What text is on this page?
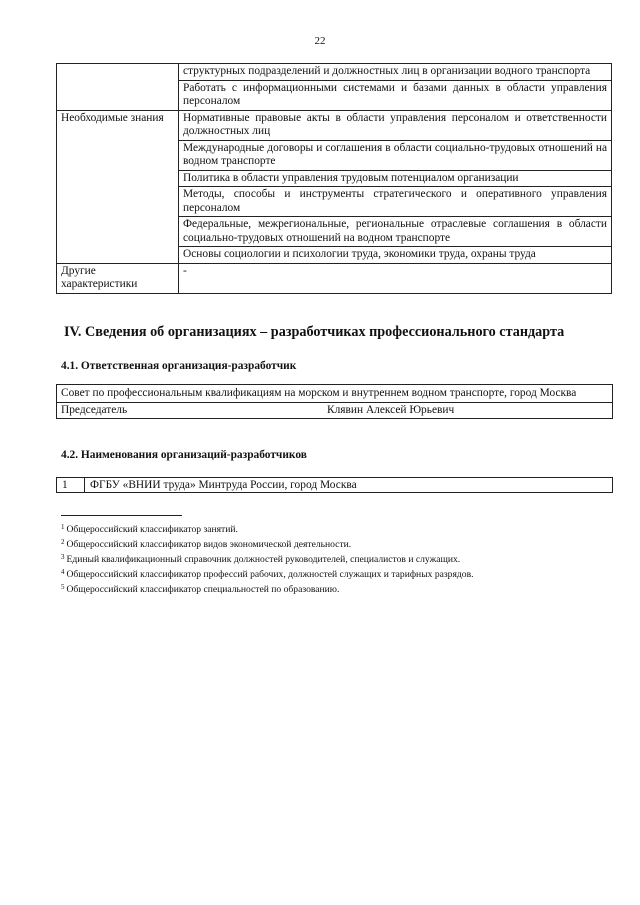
22
	структурных подразделений и должностных лиц в организации водного транспорта
	Работать с информационными системами и базами данных в области управления персоналом
Необходимые знания	Нормативные правовые акты в области управления персоналом и ответственности должностных лиц
	Международные договоры и соглашения в области социально-трудовых отношений на водном транспорте
	Политика в области управления трудовым потенциалом организации
	Методы, способы и инструменты стратегического и оперативного управления персоналом
	Федеральные, межрегиональные, региональные отраслевые соглашения в области социально-трудовых отношений на водном транспорте
	Основы социологии и психологии труда, экономики труда, охраны труда
Другие характеристики	-
IV. Сведения об организациях – разработчиках профессионального стандарта
4.1. Ответственная организация-разработчик
Совет по профессиональным квалификациям на морском и внутреннем водном транспорте, город Москва
Председатель	Клявин Алексей Юрьевич
4.2. Наименования организаций-разработчиков
1 ФГБУ «ВНИИ труда» Минтруда России, город Москва
$^1$ Общероссийский классификатор занятий.
$^2$ Общероссийский классификатор видов экономической деятельности.
$^3$ Единый квалификационный справочник должностей руководителей, специалистов и служащих.
$^4$ Общероссийский классификатор профессий рабочих, должностей служащих и тарифных разрядов.
$^5$ Общероссийский классификатор специальностей по образованию.
